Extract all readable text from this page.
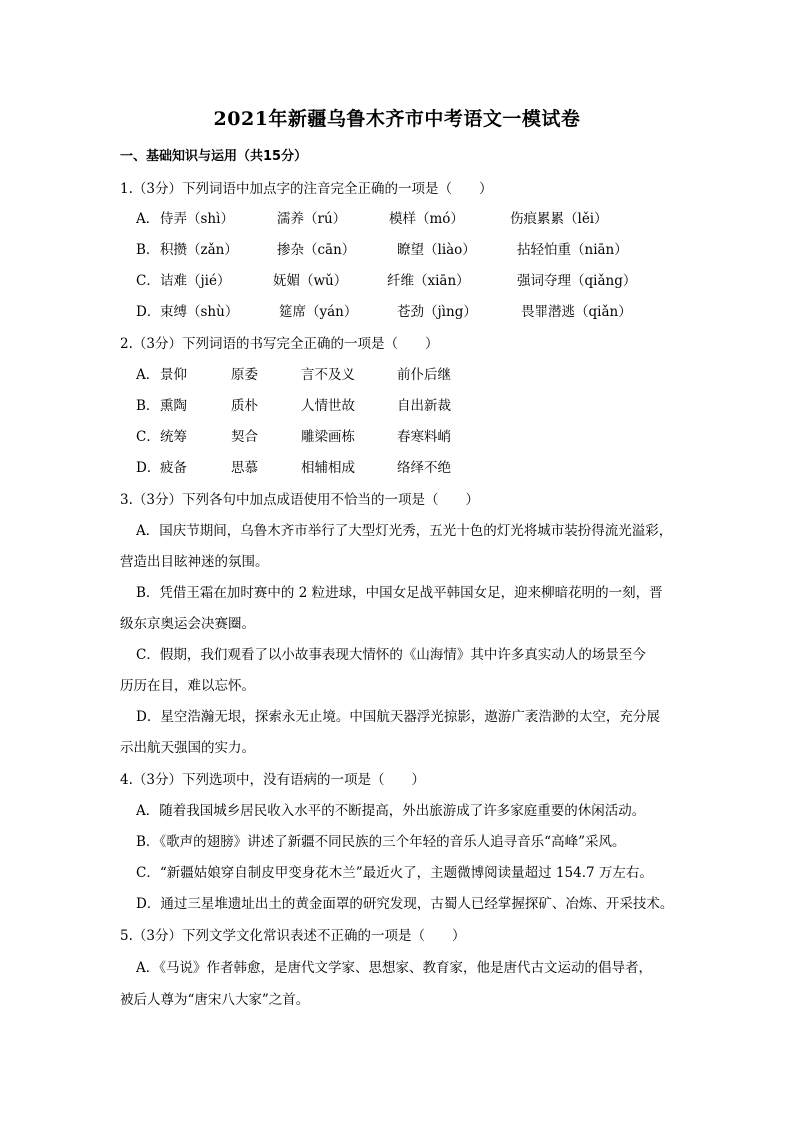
2021年新疆乌鲁木齐市中考语文一模试卷
一、基础知识与运用（共15分）
1.（3分）下列词语中加点字的注音完全正确的一项是（　　）
A． 侍弄（shì）	濡养（rú）	模样（mó）	伤痕累累（lěi）
B． 积攒（zǎn）	掺杂（cān）	瞭望（liào）	拈轻怕重（niān）
C． 诘难（jié）	妩媚（wǔ）	纤维（xiān）	强词夺理（qiǎng）
D． 束缚（shù）	筵席（yán）	苍劲（jìng）	畏罪潜逃（qiǎn）
2.（3分）下列词语的书写完全正确的一项是（　　）
A． 景仰	原委	言不及义	前仆后继
B． 熏陶	质朴	人情世故	自出新裁
C． 统筹	契合	雕梁画栋	春寒料峭
D． 疲备	思慕	相辅相成	络绎不绝
3.（3分）下列各句中加点成语使用不恰当的一项是（　　）
A．国庆节期间，乌鲁木齐市举行了大型灯光秀，五光十色的灯光将城市装扮得流光溢彩，
营造出目眩神迷的氛围。
B．凭借王霜在加时赛中的 2 粒进球，中国女足战平韩国女足，迎来柳暗花明的一刻，晋
级东京奥运会决赛圈。
C．假期，我们观看了以小故事表现大情怀的《山海情》其中许多真实动人的场景至今
历历在目，难以忘怀。
D．星空浩瀚无垠，探索永无止境。中国航天器浮光掠影，遨游广袤浩渺的太空，充分展
示出航天强国的实力。
4.（3分）下列选项中，没有语病的一项是（　　）
A．随着我国城乡居民收入水平的不断提高，外出旅游成了许多家庭重要的休闲活动。
B．《歌声的翅膀》讲述了新疆不同民族的三个年轻的音乐人追寻音乐“高峰”采风。
C．“新疆姑娘穿自制皮甲变身花木兰”最近火了，主题微博阅读量超过 154.7 万左右。
D．通过三星堆遗址出土的黄金面罩的研究发现，古蜀人已经掌握探矿、冶炼、开采技术。
5.（3分）下列文学文化常识表述不正确的一项是（　　）
A．《马说》作者韩愈，是唐代文学家、思想家、教育家，他是唐代古文运动的倡导者，
被后人尊为“唐宋八大家”之首。
